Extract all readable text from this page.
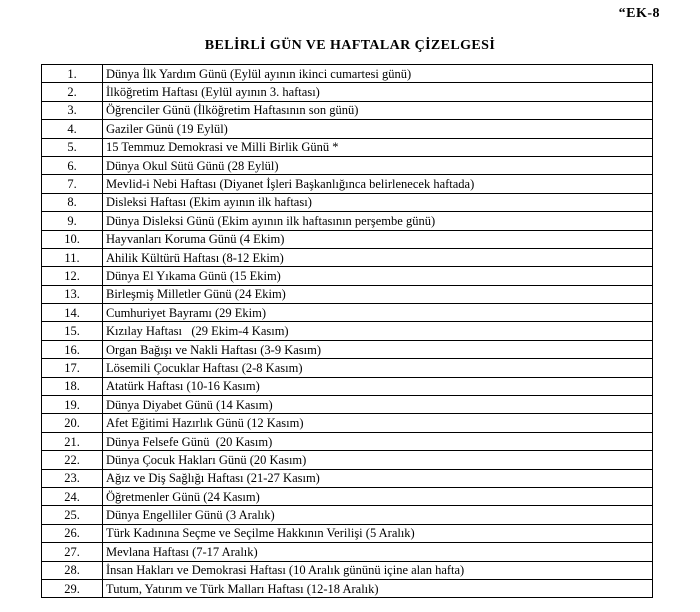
“EK-8
BELİRLİ GÜN VE HAFTALAR ÇİZELGESİ
1.	Dünya İlk Yardım Günü (Eylül ayının ikinci cumartesi günü)
2.	İlköğretim Haftası (Eylül ayının 3. haftası)
3.	Öğrenciler Günü (İlköğretim Haftasının son günü)
4.	Gaziler Günü (19 Eylül)
5.	15 Temmuz Demokrasi ve Milli Birlik Günü *
6.	Dünya Okul Sütü Günü (28 Eylül)
7.	Mevlid-i Nebi Haftası (Diyanet İşleri Başkanlığınca belirlenecek haftada)
8.	Disleksi Haftası (Ekim ayının ilk haftası)
9.	Dünya Disleksi Günü (Ekim ayının ilk haftasının perşembe günü)
10.	Hayvanları Koruma Günü (4 Ekim)
11.	Ahilik Kültürü Haftası (8-12 Ekim)
12.	Dünya El Yıkama Günü (15 Ekim)
13.	Birleşmiş Milletler Günü (24 Ekim)
14.	Cumhuriyet Bayramı (29 Ekim)
15.	Kızılay Haftası   (29 Ekim-4 Kasım)
16.	Organ Bağışı ve Nakli Haftası (3-9 Kasım)
17.	Lösemili Çocuklar Haftası (2-8 Kasım)
18.	Atatürk Haftası (10-16 Kasım)
19.	Dünya Diyabet Günü (14 Kasım)
20.	Afet Eğitimi Hazırlık Günü (12 Kasım)
21.	Dünya Felsefe Günü  (20 Kasım)
22.	Dünya Çocuk Hakları Günü (20 Kasım)
23.	Ağız ve Diş Sağlığı Haftası (21-27 Kasım)
24.	Öğretmenler Günü (24 Kasım)
25.	Dünya Engelliler Günü (3 Aralık)
26.	Türk Kadınına Seçme ve Seçilme Hakkının Verilişi (5 Aralık)
27.	Mevlana Haftası (7-17 Aralık)
28.	İnsan Hakları ve Demokrasi Haftası (10 Aralık gününü içine alan hafta)
29.	Tutum, Yatırım ve Türk Malları Haftası (12-18 Aralık)
